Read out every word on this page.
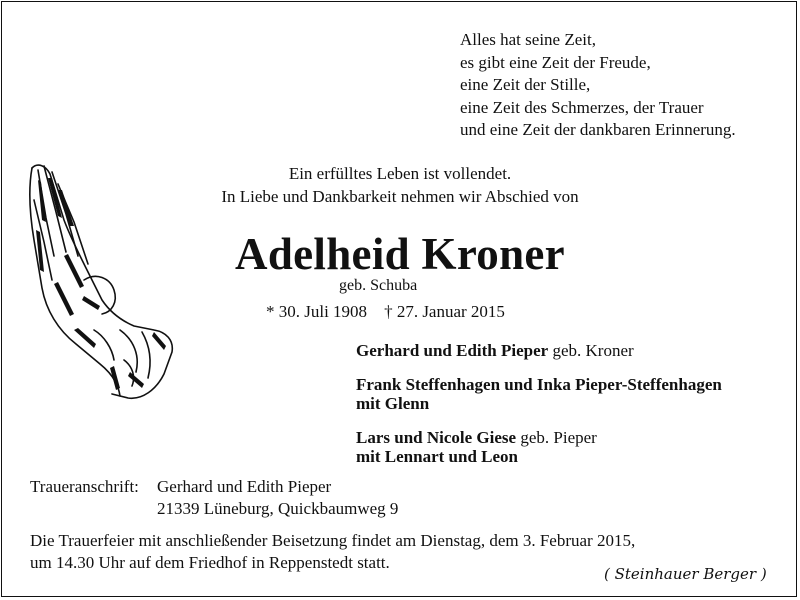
Alles hat seine Zeit,
es gibt eine Zeit der Freude,
eine Zeit der Stille,
eine Zeit des Schmerzes, der Trauer
und eine Zeit der dankbaren Erinnerung.
Ein erfülltes Leben ist vollendet.
In Liebe und Dankbarkeit nehmen wir Abschied von
Adelheid Kroner
geb. Schuba
* 30. Juli 1908 † 27. Januar 2015
Gerhard und Edith Pieper geb. Kroner
Frank Steffenhagen und Inka Pieper-Steffenhagen
mit Glenn
Lars und Nicole Giese geb. Pieper
mit Lennart und Leon
Traueranschrift: Gerhard und Edith Pieper
21339 Lüneburg, Quickbaumweg 9
Die Trauerfeier mit anschließender Beisetzung findet am Dienstag, dem 3. Februar 2015,
um 14.30 Uhr auf dem Friedhof in Reppenstedt statt.
( Steinhauer Berger )
